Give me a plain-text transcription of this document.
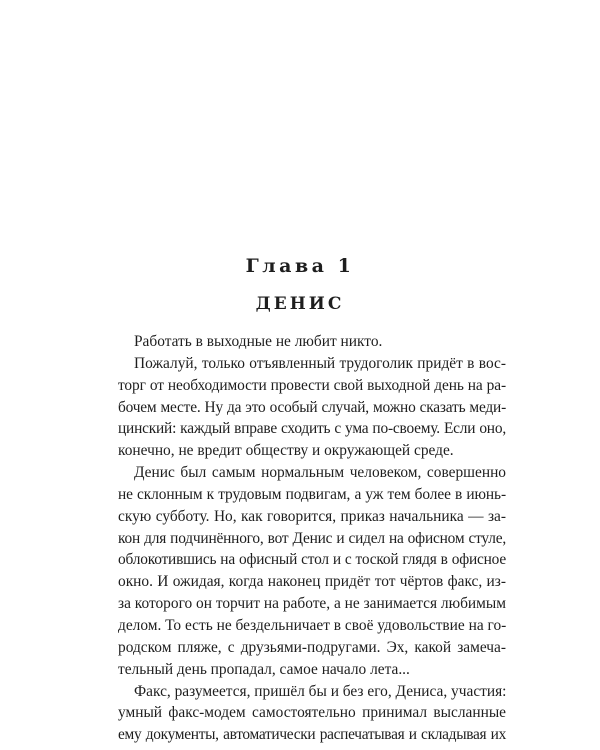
Глава 1
ДЕНИС

Работать в выходные не любит никто.

Пожалуй, только отъявленный трудоголик придёт в вос-
торг от необходимости провести свой выходной день на ра-
бочем месте. Ну да это особый случай, можно сказать меди-
цинский: каждый вправе сходить с ума по-своему. Если оно,
конечно, не вредит обществу и окружающей среде.

Денис был самым нормальным человеком, совершенно
не склонным к трудовым подвигам, а уж тем более в июнь-
скую субботу. Но, как говорится, приказ начальника — за-
кон для подчинённого, вот Денис и сидел на офисном стуле,
облокотившись на офисный стол и с тоской глядя в офисное
окно. И ожидая, когда наконец придёт тот чёртов факс, из-
за которого он торчит на работе, а не занимается любимым
делом. То есть не бездельничает в своё удовольствие на го-
родском пляже, с друзьями-подругами. Эх, какой замеча-
тельный день пропадал, самое начало лета...

Факс, разумеется, пришёл бы и без его, Дениса, участия:
умный факс-модем самостоятельно принимал высланные
ему документы, автоматически распечатывая и складывая их
